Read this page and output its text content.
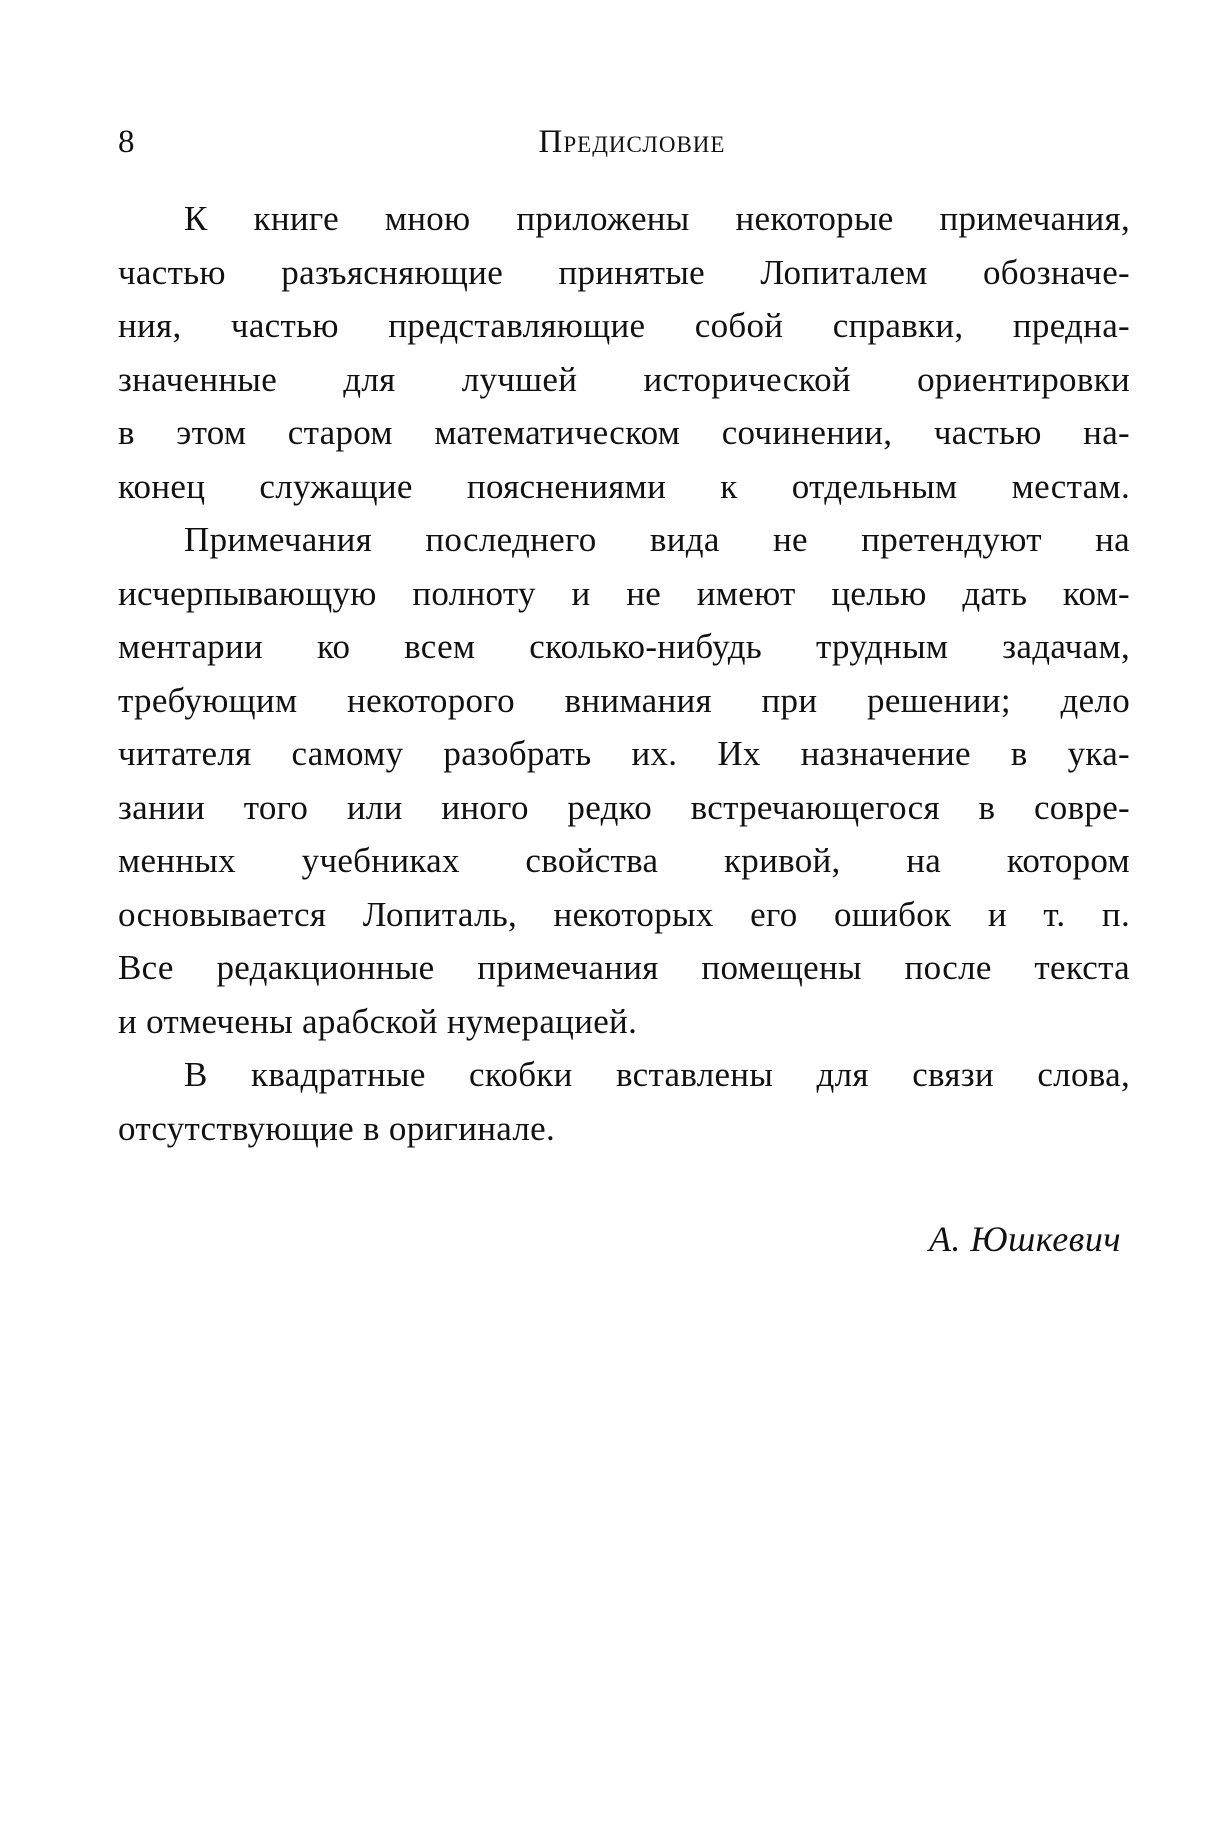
8	Предисловие

К книге мною приложены некоторые примечания,
частью разъясняющие принятые Лопиталем обозначе-
ния, частью представляющие собой справки, предна-
значенные для лучшей исторической ориентировки
в этом старом математическом сочинении, частью на-
конец служащие пояснениями к отдельным местам.

Примечания последнего вида не претендуют на
исчерпывающую полноту и не имеют целью дать ком-
ментарии ко всем сколько-нибудь трудным задачам,
требующим некоторого внимания при решении; дело
читателя самому разобрать их. Их назначение в ука-
зании того или иного редко встречающегося в совре-
менных учебниках свойства кривой, на котором
основывается Лопиталь, некоторых его ошибок и т. п.
Все редакционные примечания помещены после текста
и отмечены арабской нумерацией.

В квадратные скобки вставлены для связи слова,
отсутствующие в оригинале.

А. Юшкевич
